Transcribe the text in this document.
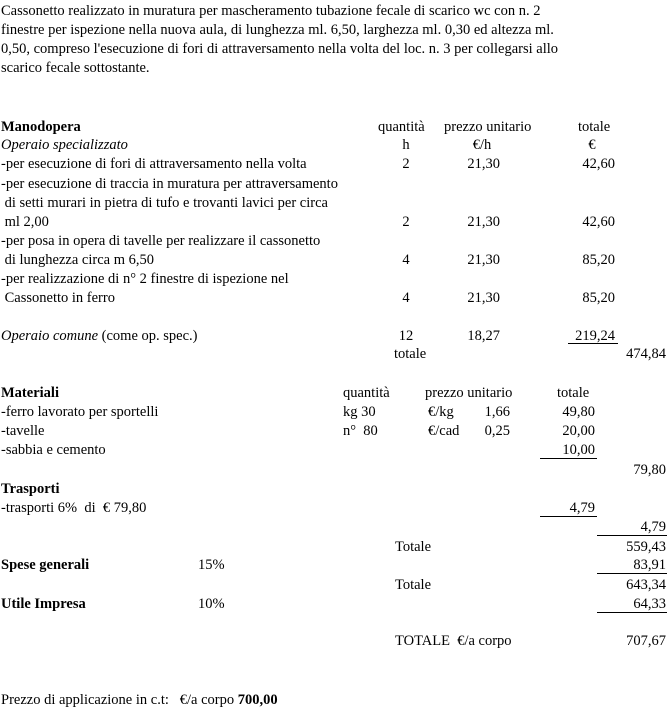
Cassonetto realizzato in muratura per mascheramento tubazione fecale di scarico wc con n. 2
finestre per ispezione nella nuova aula, di lunghezza ml. 6,50, larghezza ml. 0,30 ed altezza ml.
0,50, compreso l'esecuzione di fori di attraversamento nella volta del loc. n. 3 per collegarsi allo
scarico fecale sottostante.
Manodopera	quantità prezzo unitario	totale
Operaio specializzato	h	€/h	€
-per esecuzione di fori di attraversamento nella volta	2	21,30	42,60
-per esecuzione di traccia in muratura per attraversamento
di setti murari in pietra di tufo e trovanti lavici per circa
ml 2,00	2	21,30	42,60
-per posa in opera di tavelle per realizzare il cassonetto
di lunghezza circa m 6,50	4	21,30	85,20
-per realizzazione di n° 2 finestre di ispezione nel
Cassonetto in ferro	4	21,30	85,20
Operaio comune (come op. spec.)	12	18,27	219,24
totale	474,84
Materiali	quantità prezzo unitario	totale
-ferro lavorato per sportelli	kg 30	€/kg	1,66	49,80
-tavelle	n°  80	€/cad	0,25	20,00
-sabbia e cemento	10,00
79,80
Trasporti
-trasporti 6%  di  € 79,80	4,79
4,79
Totale	559,43
Spese generali	15%	83,91
Totale	643,34
Utile Impresa	10%	64,33
TOTALE  €/a corpo	707,67
Prezzo di applicazione in c.t:   €/a corpo 700,00
